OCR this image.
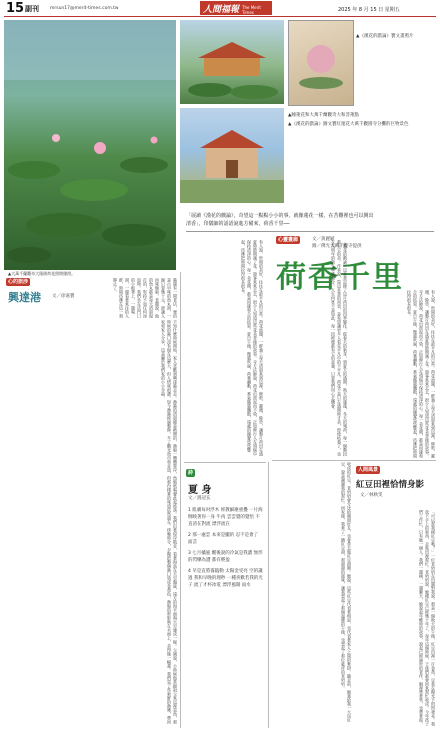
15 副刊 mrsun17@merit-times.com.tw	人間福報 The Merit Times	2025 年 8 月 15 日 星期五
▲大萬千蘭觀奇大隆園荷花照開緣照。
▲《漢花的戲論》寶文畫照片
▲睡蓮花和大萬千蘭觀奇大和菩蓮點
▲《漢花的戲論》圖文寶紅運花大萬千觀園寺分攤的巨物景色
「展讀《漢花的戲論》，奇望這一點點小小的事，就像蓮花一樣，在苦難裡也可以開出
清香」，印儀師的話語說進方備來，荷香千里──
心靈畫廊	文／黃麗穎
圖／佛光大萬千觀寺提供
荷香千里
有人說，世間的美好，往往在最平凡的日常。荷花池邊，一群義工每天清晨來到這裡，修剪、灌溉、除草，讓整片荷田在盛夏時節開滿了花。遊客來來去去，很少人知道這些花朵背後的故事。寺方法師說，荷花出淤泥而不染，正如修行人在煩惱中保持清淨的心。每一朵花開，都是因緣和合的結果。夏日午後，微風吹過，荷葉翻動，香氣隨風飄散，遠處的鐘聲悠悠響起，彷彿把時間拉得很長很長。
《漢花的戲論》這本書記錄了這片荷田的四季變化。從春天的新芽，到夏天的盛開，秋天的蓮蓬，冬天的殘荷，每一個階段都有它的美。作者說，寫這本書的初衷，是希望讓更多人看見平凡中的不平凡。荷花不是只在盛開時才美，即使枯萎了，也在為明年的新生準備養分。人生何嘗不是如此，每一段經歷都有它的意義，只要我們用心去體會。
有人說，世間的美好，往往在最平凡的日常。荷花池邊，一群義工每天清晨來到這裡，修剪、灌溉、除草，讓整片荷田在盛夏時節開滿了花。遊客來來去去，很少人知道這些花朵背後的故事。寺方法師說，荷花出淤泥而不染，正如修行人在煩惱中保持清淨的心。每一朵花開，都是因緣和合的結果。夏日午後，微風吹過，荷葉翻動，香氣隨風飄散，遠處的鐘聲悠悠響起，彷彿把時間拉得很長很長。
心的旅涉
興達港 文／徐嘉寶
不知什麼時候開始，家人喜歡到興達港走走。漁港的清晨總是熱鬧的，漁船一艘艘靠岸，魚販吆喝聲此起彼落。我們沿著堤岸散步，看著海鳥在天空盤旋，遠方的海平面與天空連成一線。父親說，小時候他常跟祖父來這裡買魚，那時候的港口沒有現在這麼大，但人情味很濃。如今漁港經過整修，多了觀光魚市和步道，但那份樸實的味道依然還在。傍晚時分，夕陽把整個港口染成金黃色，漁船的剪影映在水面上，美得像一幅畫。我們買了些新鮮的漁獲，帶回家和家人分享，這是屬於我們家的小小幸福。
港邊有一間老店，賣的是古早味的魚丸湯，一碗只要幾十元，卻讓人回味無窮。老闆說，他的魚丸都是每天清晨現打的，堅持不加任何添加物。我們坐在店門口的小板凳上，一邊喝湯，一邊看著來往的人群，時間彷彿在這一刻靜止了。
詩
夏 身
文／鴻冠玄
1 肌膚每吋浮木 經教細塵重疊 一片海 倒映著你一身 牛肉 雲雲覺的覺悟 不直清在對流 漂浮流在
2 那一處雲 本來是朧的 忍不是會了 面芸
3 七月橘風 醒後說的冷氣是我濃 無形的閃爍為遭 都有輕盈
4 早是直將霧臨動 太陽金受亮 空的讓過 我和早晚的理秒 一種喜歡若我的光子 流了才杯冰電 漂浮風開 雨水	收成的紅豆，老奶奶會分送給親朋好友，也會拿去做紅豆湯圓。她說，這些紅豆代表著相思，也代表著家人之間的牽掛。臨走前，她塞給我一大包紅豆，說是謝謝我的幫忙。回家後，我煮了一鍋紅豆湯，那甜甜的滋味，讓我想起了那個溫暖的午後，也想起了那位慈祥的老奶奶。	人間風景
紅豆田裡恰情身影
文／林秋雯
「可以幫我摘紅豆嗎？」一位老奶奶在田邊對我說。那是一個秋天的午後，紅豆田裡一片金黃，豆莢在陽光下閃閃發亮。我放下手上的東西，走進田裡幫忙。老奶奶說，她種紅豆已經幾十年了，每年這個時候，子孫們都會回來幫忙收成。今年孩子們工作忙，只有她一個人。我們一邊摘，一邊聊天，她說起年輕時的故事，說起已經過世的老伴，眼裡帶著笑，也帶著淚。
